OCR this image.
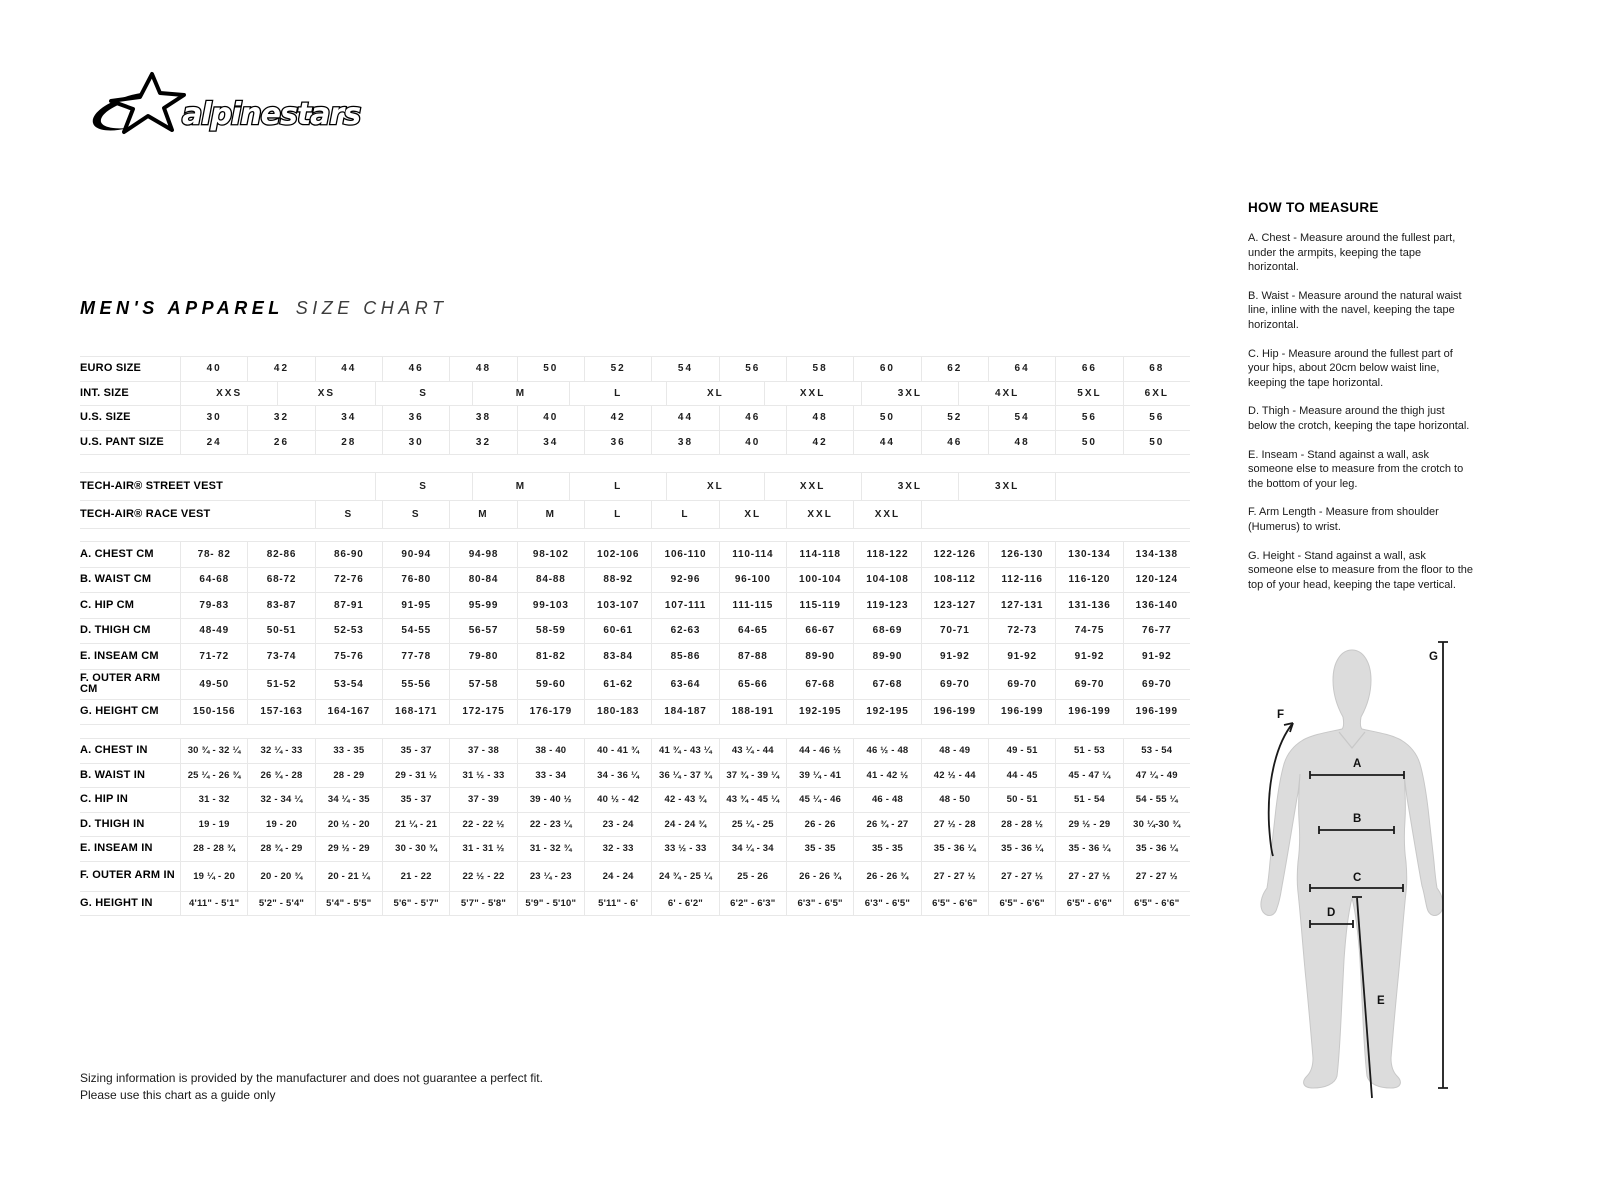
alpinestars
MEN'S APPAREL SIZE CHART
EURO SIZE	40	42	44	46	48	50	52	54	56	58	60	62	64	66	68
INT. SIZE	XXS	XS	S	M	L	XL	XXL	3XL	4XL	5XL	6XL
U.S. SIZE	30	32	34	36	38	40	42	44	46	48	50	52	54	56	56
U.S. PANT SIZE	24	26	28	30	32	34	36	38	40	42	44	46	48	50	50
TECH-AIR® STREET VEST	S	M	L	XL	XXL	3XL	3XL
TECH-AIR® RACE VEST	S	S	M	M	L	L	XL	XXL	XXL
A. CHEST CM	78- 82	82-86	86-90	90-94	94-98	98-102	102-106	106-110	110-114	114-118	118-122	122-126	126-130	130-134	134-138
B. WAIST CM	64-68	68-72	72-76	76-80	80-84	84-88	88-92	92-96	96-100	100-104	104-108	108-112	112-116	116-120	120-124
C. HIP CM	79-83	83-87	87-91	91-95	95-99	99-103	103-107	107-111	111-115	115-119	119-123	123-127	127-131	131-136	136-140
D. THIGH CM	48-49	50-51	52-53	54-55	56-57	58-59	60-61	62-63	64-65	66-67	68-69	70-71	72-73	74-75	76-77
E. INSEAM CM	71-72	73-74	75-76	77-78	79-80	81-82	83-84	85-86	87-88	89-90	89-90	91-92	91-92	91-92	91-92
F. OUTER ARM CM	49-50	51-52	53-54	55-56	57-58	59-60	61-62	63-64	65-66	67-68	67-68	69-70	69-70	69-70	69-70
G. HEIGHT CM	150-156	157-163	164-167	168-171	172-175	176-179	180-183	184-187	188-191	192-195	192-195	196-199	196-199	196-199	196-199
A. CHEST IN	30 ¾ - 32 ¼	32 ¼ - 33	33 - 35	35 - 37	37 - 38	38 - 40	40 - 41 ¾	41 ¾ - 43 ¼	43 ¼ - 44	44 - 46 ½	46 ½ - 48	48 - 49	49 - 51	51 - 53	53 - 54
B. WAIST IN	25 ¼ - 26 ¾	26 ¾ - 28	28 - 29	29 - 31 ½	31 ½ - 33	33 - 34	34 - 36 ¼	36 ¼ - 37 ¾	37 ¾ - 39 ¼	39 ¼ - 41	41 - 42 ½	42 ½ - 44	44 - 45	45 - 47 ¼	47 ¼ - 49
C. HIP IN	31 - 32	32 - 34 ¼	34 ¼ - 35	35 - 37	37 - 39	39 - 40 ½	40 ½ - 42	42 - 43 ¾	43 ¾ - 45 ¼	45 ¼ - 46	46 - 48	48 - 50	50 - 51	51 - 54	54 - 55 ¼
D. THIGH IN	19 - 19	19 - 20	20 ½ - 20	21 ¼ - 21	22 - 22 ½	22 - 23 ¼	23 - 24	24 - 24 ¾	25 ¼ - 25	26 - 26	26 ¾ - 27	27 ½ - 28	28 - 28 ½	29 ½ - 29	30 ¼-30 ¾
E. INSEAM IN	28 - 28 ¾	28 ¾ - 29	29 ½ - 29	30 - 30 ¾	31 - 31 ½	31 - 32 ¾	32 - 33	33 ½ - 33	34 ¼ - 34	35 - 35	35 - 35	35 - 36 ¼	35 - 36 ¼	35 - 36 ¼	35 - 36 ¼
F. OUTER ARM IN	19 ¼ - 20	20 - 20 ¾	20 - 21 ¼	21 - 22	22 ½ - 22	23 ¼ - 23	24 - 24	24 ¾ - 25 ¼	25 - 26	26 - 26 ¾	26 - 26 ¾	27 - 27 ½	27 - 27 ½	27 - 27 ½	27 - 27 ½
G. HEIGHT IN	4'11" - 5'1"	5'2" - 5'4"	5'4" - 5'5"	5'6" - 5'7"	5'7" - 5'8"	5'9" - 5'10"	5'11" - 6'	6' - 6'2"	6'2" - 6'3"	6'3" - 6'5"	6'3" - 6'5"	6'5" - 6'6"	6'5" - 6'6"	6'5" - 6'6"	6'5" - 6'6"
HOW TO MEASURE

A. Chest - Measure around the fullest part, under the armpits, keeping the tape horizontal.

B. Waist - Measure around the natural waist line, inline with the navel, keeping the tape horizontal.

C. Hip - Measure around the fullest part of your hips, about 20cm below waist line, keeping the tape horizontal.

D. Thigh - Measure around the thigh just below the crotch, keeping the tape horizontal.

E. Inseam - Stand against a wall, ask someone else to measure from the crotch to the bottom of your leg.

F. Arm Length - Measure from shoulder (Humerus) to wrist.

G. Height - Stand against a wall, ask someone else to measure from the floor to the top of your head, keeping the tape vertical.

A
B
C
D
E
F
G
Sizing information is provided by the manufacturer and does not guarantee a perfect fit.
Please use this chart as a guide only
